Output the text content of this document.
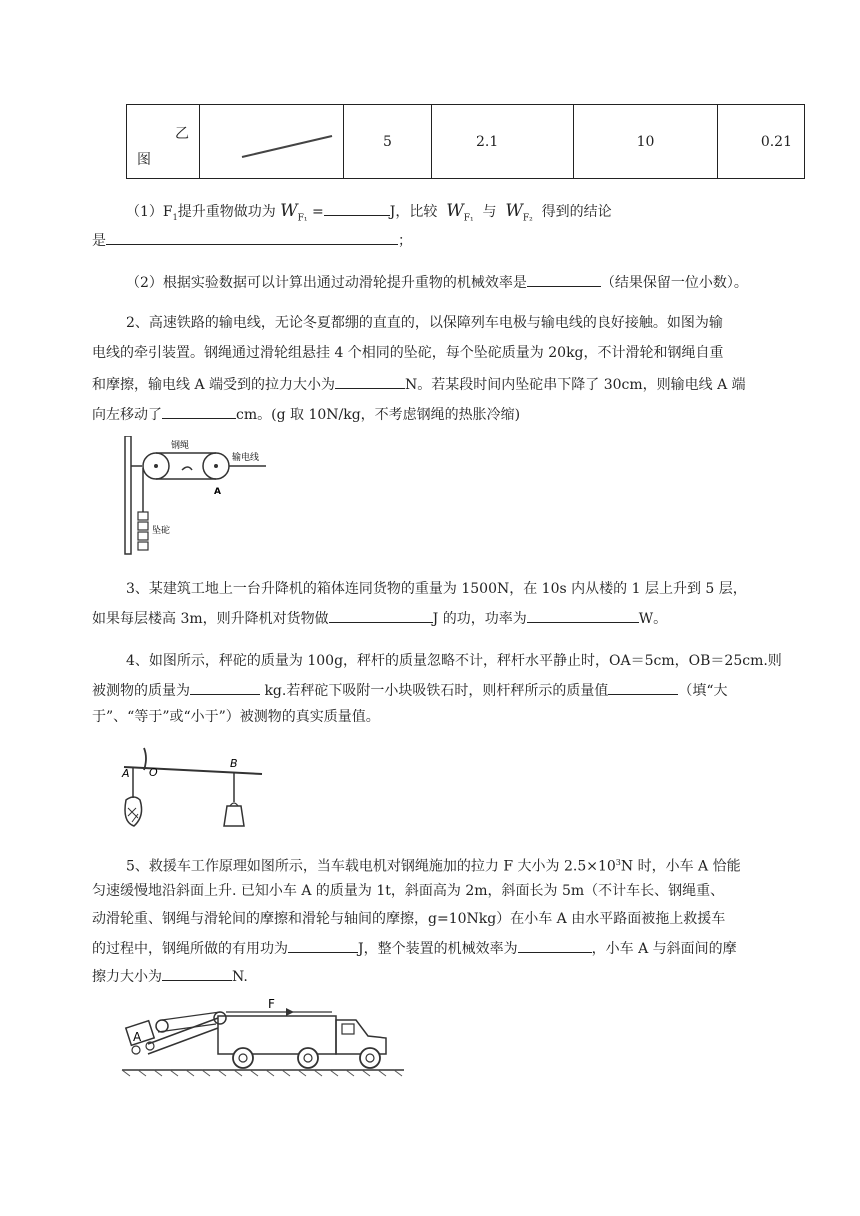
乙
图
		5	2.1	10	0.21
$(1)F_1$提升重物做功为 $W_{F_1}$ =	J，比较 $W_{F_1}$ 与 $W_{F_2}$ 得到的结论
是	；
（2）根据实验数据可以计算出通过动滑轮提升重物的机械效率是	（结果保留一位小数）。
2、高速铁路的输电线，无论冬夏都绷的直直的，以保障列车电极与输电线的良好接触。如图为输
电线的牵引装置。钢绳通过滑轮组悬挂 4 个相同的坠砣，每个坠砣质量为 20kg，不计滑轮和钢绳自重
和摩擦，输电线 A 端受到的拉力大小为	N。若某段时间内坠砣串下降了 30cm，则输电线 A 端
向左移动了	cm。(g 取 10N/kg，不考虑钢绳的热胀冷缩)
钢绳
输电线
A
坠砣
3、某建筑工地上一台升降机的箱体连同货物的重量为 1500N，在 10s 内从楼的 1 层上升到 5 层，
如果每层楼高 3m，则升降机对货物做	J 的功，功率为	W。
4、如图所示，秤砣的质量为 100g，秤杆的质量忽略不计，秤杆水平静止时，OA＝5cm，OB＝25cm.则
被测物的质量为	kg.若秤砣下吸附一小块吸铁石时，则杆秤所示的质量值	（填“大
于”、“等于”或“小于”）被测物的真实质量值。
A O
B
5、救援车工作原理如图所示，当车载电机对钢绳施加的拉力 F 大小为 $2.5\times 10^3N$ 时，小车 A 恰能
匀速缓慢地沿斜面上升. 已知小车 A 的质量为 1t，斜面高为 2m，斜面长为 5m（不计车长、钢绳重、
动滑轮重、钢绳与滑轮间的摩擦和滑轮与轴间的摩擦，g=10Nkg）在小车 A 由水平路面被拖上救援车
的过程中，钢绳所做的有用功为	J，整个装置的机械效率为	，小车 A 与斜面间的摩
擦力大小为	N.
F
A
